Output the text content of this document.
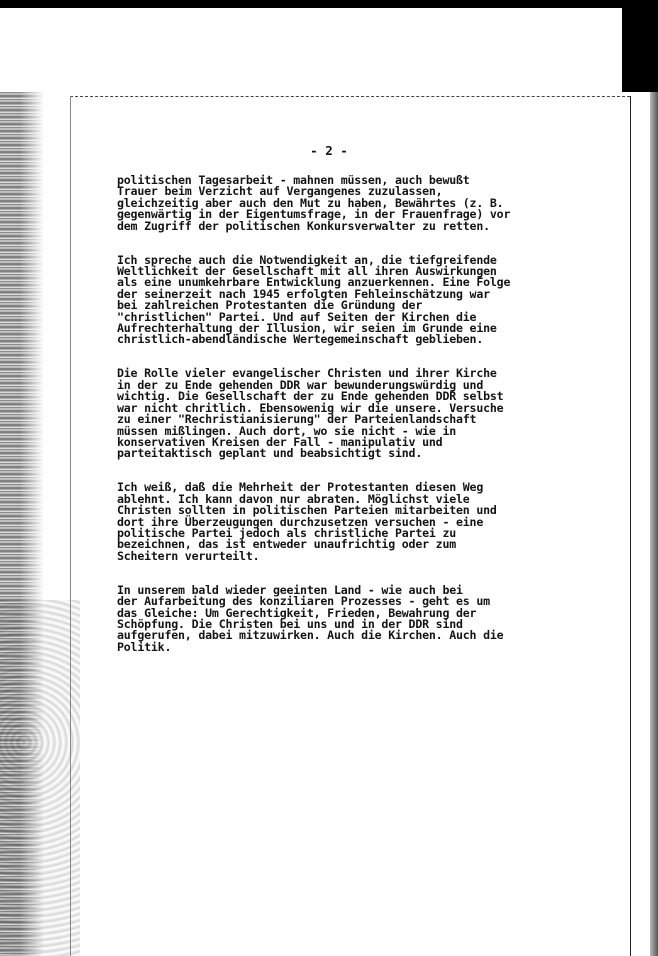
- 2 -
politischen Tagesarbeit - mahnen müssen, auch bewußt
Trauer beim Verzicht auf Vergangenes zuzulassen,
gleichzeitig aber auch den Mut zu haben, Bewährtes (z. B.
gegenwärtig in der Eigentumsfrage, in der Frauenfrage) vor
dem Zugriff der politischen Konkursverwalter zu retten.
Ich spreche auch die Notwendigkeit an, die tiefgreifende
Weltlichkeit der Gesellschaft mit all ihren Auswirkungen
als eine unumkehrbare Entwicklung anzuerkennen. Eine Folge
der seinerzeit nach 1945 erfolgten Fehleinschätzung war
bei zahlreichen Protestanten die Gründung der
"christlichen" Partei. Und auf Seiten der Kirchen die
Aufrechterhaltung der Illusion, wir seien im Grunde eine
christlich-abendländische Wertegemeinschaft geblieben.
Die Rolle vieler evangelischer Christen und ihrer Kirche
in der zu Ende gehenden DDR war bewunderungswürdig und
wichtig. Die Gesellschaft der zu Ende gehenden DDR selbst
war nicht chritlich. Ebensowenig wir die unsere. Versuche
zu einer "Rechristianisierung" der Parteienlandschaft
müssen mißlingen. Auch dort, wo sie nicht - wie in
konservativen Kreisen der Fall - manipulativ und
parteitaktisch geplant und beabsichtigt sind.
Ich weiß, daß die Mehrheit der Protestanten diesen Weg
ablehnt. Ich kann davon nur abraten. Möglichst viele
Christen sollten in politischen Parteien mitarbeiten und
dort ihre Überzeugungen durchzusetzen versuchen - eine
politische Partei jedoch als christliche Partei zu
bezeichnen, das ist entweder unaufrichtig oder zum
Scheitern verurteilt.
In unserem bald wieder geeinten Land - wie auch bei
der Aufarbeitung des konziliaren Prozesses - geht es um
das Gleiche: Um Gerechtigkeit, Frieden, Bewahrung der
Schöpfung. Die Christen bei uns und in der DDR sind
aufgerufen, dabei mitzuwirken. Auch die Kirchen. Auch die
Politik.
